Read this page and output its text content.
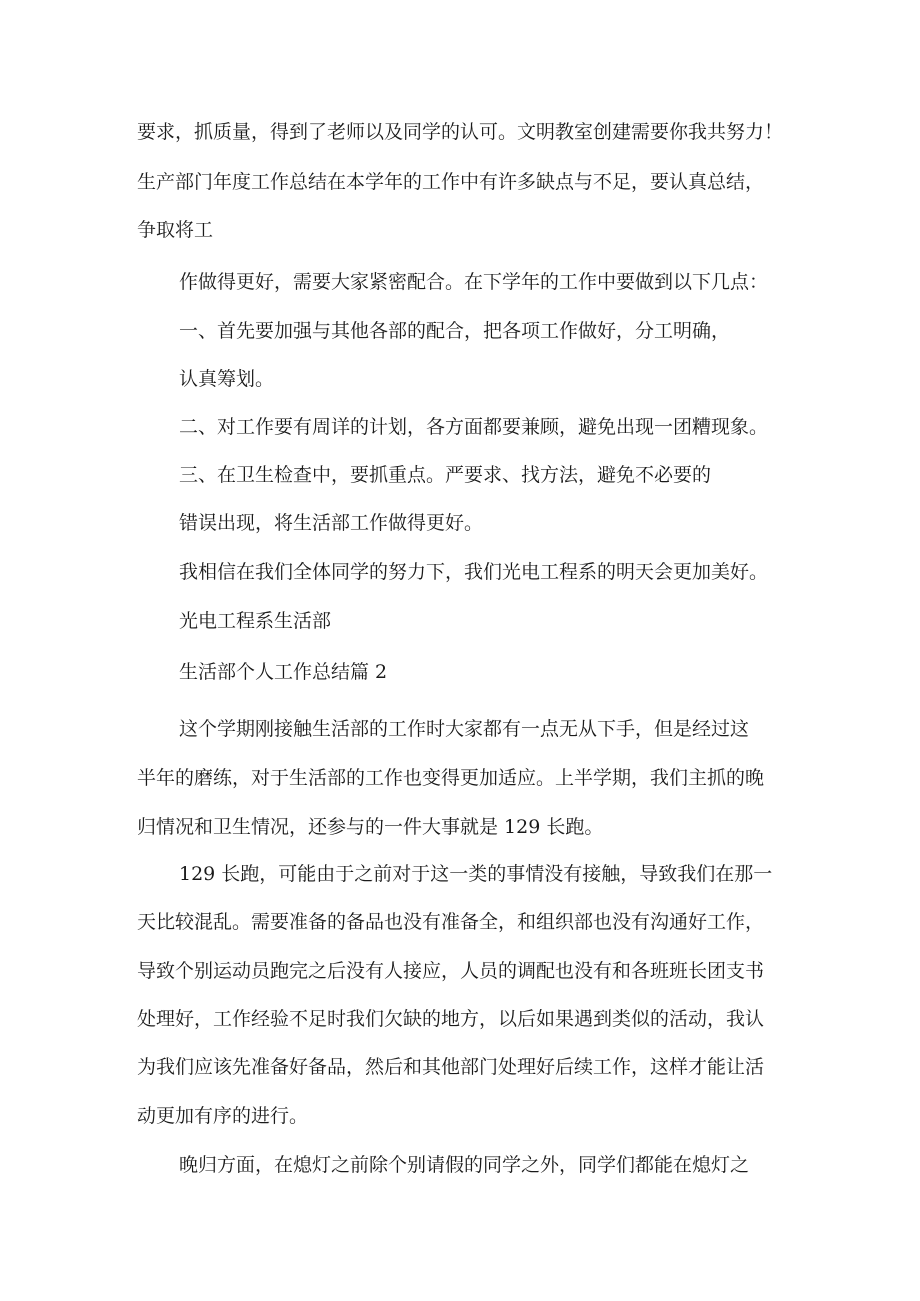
要求，抓质量，得到了老师以及同学的认可。文明教室创建需要你我共努力！
生产部门年度工作总结在本学年的工作中有许多缺点与不足，要认真总结，
争取将工
作做得更好，需要大家紧密配合。在下学年的工作中要做到以下几点：
一、首先要加强与其他各部的配合，把各项工作做好，分工明确，
认真筹划。
二、对工作要有周详的计划，各方面都要兼顾，避免出现一团糟现象。
三、在卫生检查中，要抓重点。严要求、找方法，避免不必要的
错误出现，将生活部工作做得更好。
我相信在我们全体同学的努力下，我们光电工程系的明天会更加美好。
光电工程系生活部
生活部个人工作总结篇 2
这个学期刚接触生活部的工作时大家都有一点无从下手，但是经过这
半年的磨练，对于生活部的工作也变得更加适应。上半学期，我们主抓的晚
归情况和卫生情况，还参与的一件大事就是 129 长跑。
129 长跑，可能由于之前对于这一类的事情没有接触，导致我们在那一
天比较混乱。需要准备的备品也没有准备全，和组织部也没有沟通好工作，
导致个别运动员跑完之后没有人接应，人员的调配也没有和各班班长团支书
处理好，工作经验不足时我们欠缺的地方，以后如果遇到类似的活动，我认
为我们应该先准备好备品，然后和其他部门处理好后续工作，这样才能让活
动更加有序的进行。
晚归方面，在熄灯之前除个别请假的同学之外，同学们都能在熄灯之
